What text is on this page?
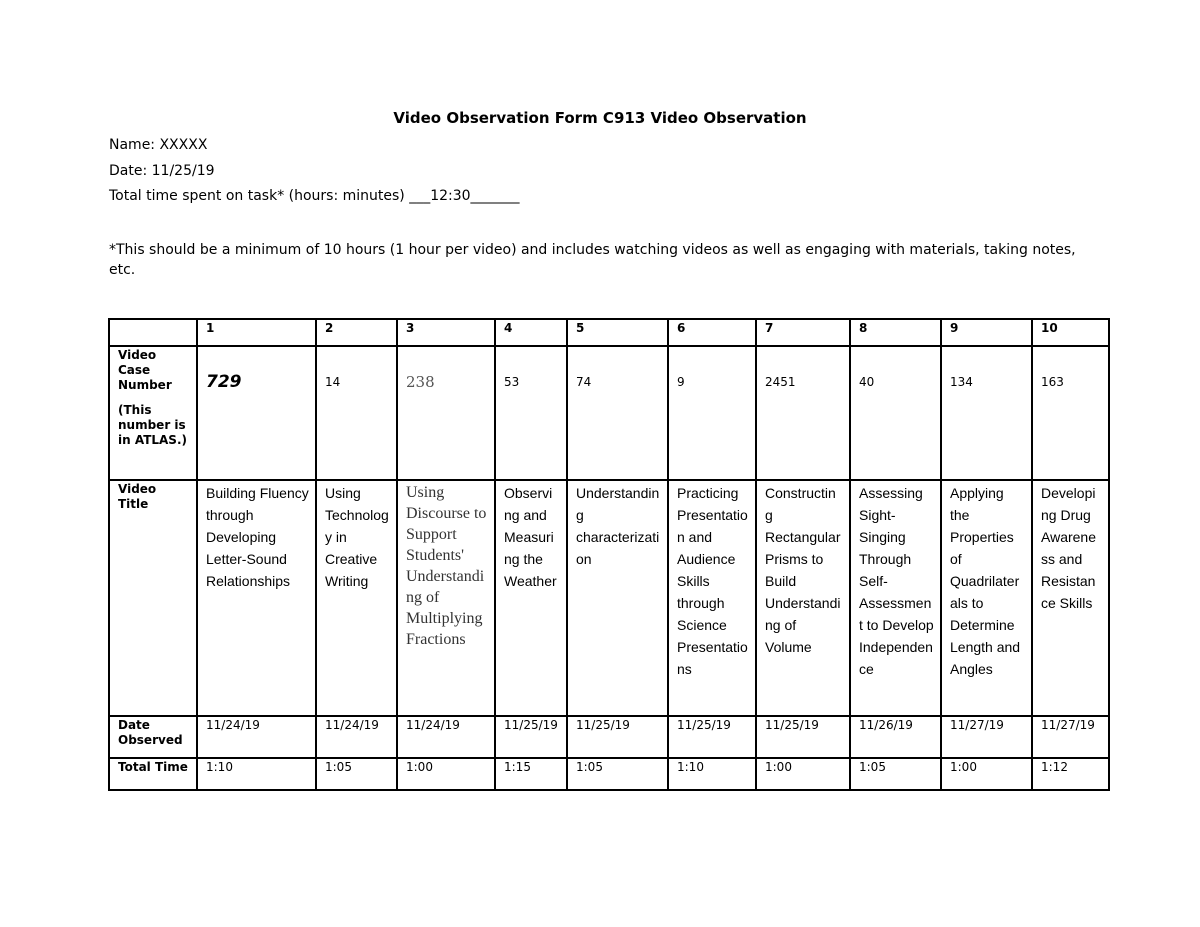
Video Observation Form C913 Video Observation
Name: XXXXX
Date: 11/25/19
Total time spent on task* (hours: minutes) ___12:30_______
*This should be a minimum of 10 hours (1 hour per video) and includes watching videos as well as engaging with materials, taking notes, etc.
	1	2	3	4	5	6	7	8	9	10

Video Case Number
(This number is in ATLAS.)	729	14	238	53	74	9	2451	40	134	163
Video Title	Building Fluency through Developing Letter-Sound Relationships	Using Technology in Creative Writing	Using Discourse to Support Students' Understanding of Multiplying Fractions	Observing and Measuring the Weather	Understanding characterization	Practicing Presentation and Audience Skills through Science Presentations	Constructing Rectangular Prisms to Build Understanding of Volume	Assessing Sight-Singing Through Self-Assessment to Develop Independence	Applying the Properties of Quadrilaterals to Determine Length and Angles	Developing Drug Awareness and Resistance Skills
Date Observed	11/24/19	11/24/19	11/24/19	11/25/19	11/25/19	11/25/19	11/25/19	11/26/19	11/27/19	11/27/19
Total Time	1:10	1:05	1:00	1:15	1:05	1:10	1:00	1:05	1:00	1:12
